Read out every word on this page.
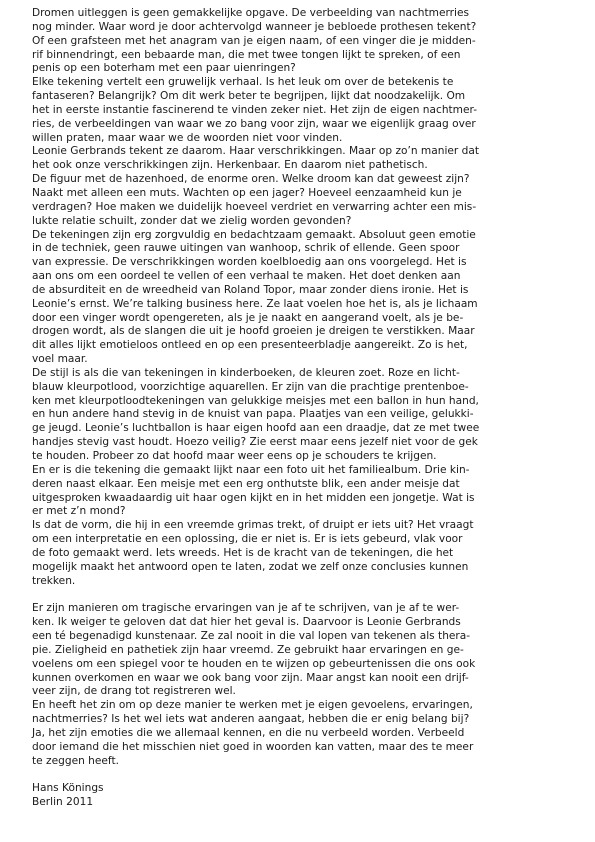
Dromen uitleggen is geen gemakkelijke opgave. De verbeelding van nachtmerries
nog minder. Waar word je door achtervolgd wanneer je bebloede prothesen tekent?
Of een grafsteen met het anagram van je eigen naam, of een vinger die je midden-
rif binnendringt, een bebaarde man, die met twee tongen lijkt te spreken, of een
penis op een boterham met een paar uienringen?
Elke tekening vertelt een gruwelijk verhaal. Is het leuk om over de betekenis te
fantaseren? Belangrijk? Om dit werk beter te begrijpen, lijkt dat noodzakelijk. Om
het in eerste instantie fascinerend te vinden zeker niet. Het zijn de eigen nachtmer-
ries, de verbeeldingen van waar we zo bang voor zijn, waar we eigenlijk graag over
willen praten, maar waar we de woorden niet voor vinden.
Leonie Gerbrands tekent ze daarom. Haar verschrikkingen. Maar op zo’n manier dat
het ook onze verschrikkingen zijn. Herkenbaar. En daarom niet pathetisch.
De figuur met de hazenhoed, de enorme oren. Welke droom kan dat geweest zijn?
Naakt met alleen een muts. Wachten op een jager? Hoeveel eenzaamheid kun je
verdragen? Hoe maken we duidelijk hoeveel verdriet en verwarring achter een mis-
lukte relatie schuilt, zonder dat we zielig worden gevonden?
De tekeningen zijn erg zorgvuldig en bedachtzaam gemaakt. Absoluut geen emotie
in de techniek, geen rauwe uitingen van wanhoop, schrik of ellende. Geen spoor
van expressie. De verschrikkingen worden koelbloedig aan ons voorgelegd. Het is
aan ons om een oordeel te vellen of een verhaal te maken. Het doet denken aan
de absurditeit en de wreedheid van Roland Topor, maar zonder diens ironie. Het is
Leonie’s ernst. We’re talking business here. Ze laat voelen hoe het is, als je lichaam
door een vinger wordt opengereten, als je je naakt en aangerand voelt, als je be-
drogen wordt, als de slangen die uit je hoofd groeien je dreigen te verstikken. Maar
dit alles lijkt emotieloos ontleed en op een presenteerbladje aangereikt. Zo is het,
voel maar.
De stijl is als die van tekeningen in kinderboeken, de kleuren zoet. Roze en licht-
blauw kleurpotlood, voorzichtige aquarellen. Er zijn van die prachtige prentenboe-
ken met kleurpotloodtekeningen van gelukkige meisjes met een ballon in hun hand,
en hun andere hand stevig in de knuist van papa. Plaatjes van een veilige, gelukki-
ge jeugd. Leonie’s luchtballon is haar eigen hoofd aan een draadje, dat ze met twee
handjes stevig vast houdt. Hoezo veilig? Zie eerst maar eens jezelf niet voor de gek
te houden. Probeer zo dat hoofd maar weer eens op je schouders te krijgen.
En er is die tekening die gemaakt lijkt naar een foto uit het familiealbum. Drie kin-
deren naast elkaar. Een meisje met een erg onthutste blik, een ander meisje dat
uitgesproken kwaadaardig uit haar ogen kijkt en in het midden een jongetje. Wat is
er met z’n mond?
Is dat de vorm, die hij in een vreemde grimas trekt, of druipt er iets uit? Het vraagt
om een interpretatie en een oplossing, die er niet is. Er is iets gebeurd, vlak voor
de foto gemaakt werd. Iets wreeds. Het is de kracht van de tekeningen, die het
mogelijk maakt het antwoord open te laten, zodat we zelf onze conclusies kunnen
trekken.
Er zijn manieren om tragische ervaringen van je af te schrijven, van je af te wer-
ken. Ik weiger te geloven dat dat hier het geval is. Daarvoor is Leonie Gerbrands
een té begenadigd kunstenaar. Ze zal nooit in die val lopen van tekenen als thera-
pie. Zieligheid en pathetiek zijn haar vreemd. Ze gebruikt haar ervaringen en ge-
voelens om een spiegel voor te houden en te wijzen op gebeurtenissen die ons ook
kunnen overkomen en waar we ook bang voor zijn. Maar angst kan nooit een drijf-
veer zijn, de drang tot registreren wel.
En heeft het zin om op deze manier te werken met je eigen gevoelens, ervaringen,
nachtmerries? Is het wel iets wat anderen aangaat, hebben die er enig belang bij?
Ja, het zijn emoties die we allemaal kennen, en die nu verbeeld worden. Verbeeld
door iemand die het misschien niet goed in woorden kan vatten, maar des te meer
te zeggen heeft.
Hans Könings
Berlin 2011
